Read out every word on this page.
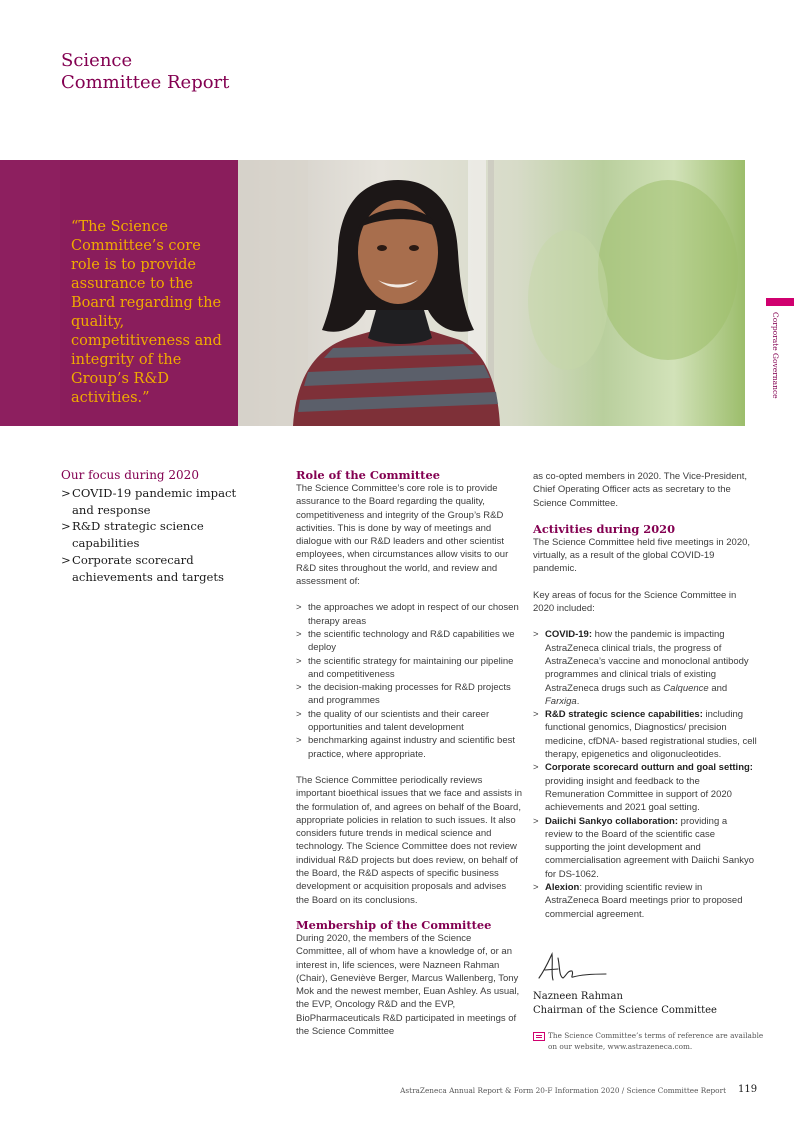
Science
Committee Report
“The Science Committee’s core role is to provide assurance to the Board regarding the quality, competitiveness and integrity of the Group’s R&D activities.”	Corporate Governance
Our focus during 2020
> COVID-19 pandemic impact and response
> R&D strategic science capabilities
> Corporate scorecard achievements and targets
Role of the Committee

The Science Committee’s core role is to provide assurance to the Board regarding the quality, competitiveness and integrity of the Group’s R&D activities. This is done by way of meetings and dialogue with our R&D leaders and other scientist employees, when circumstances allow visits to our R&D sites throughout the world, and review and assessment of:

> the approaches we adopt in respect of our chosen therapy areas
> the scientific technology and R&D capabilities we deploy
> the scientific strategy for maintaining our pipeline and competitiveness
> the decision-making processes for R&D projects and programmes
> the quality of our scientists and their career opportunities and talent development
> benchmarking against industry and scientific best practice, where appropriate.

The Science Committee periodically reviews important bioethical issues that we face and assists in the formulation of, and agrees on behalf of the Board, appropriate policies in relation to such issues. It also considers future trends in medical science and technology. The Science Committee does not review individual R&D projects but does review, on behalf of the Board, the R&D aspects of specific business development or acquisition proposals and advises the Board on its conclusions.

Membership of the Committee

During 2020, the members of the Science Committee, all of whom have a knowledge of, or an interest in, life sciences, were Nazneen Rahman (Chair), Geneviève Berger, Marcus Wallenberg, Tony Mok and the newest member, Euan Ashley. As usual, the EVP, Oncology R&D and the EVP, BioPharmaceuticals R&D participated in meetings of the Science Committee

as co-opted members in 2020. The Vice-President, Chief Operating Officer acts as secretary to the Science Committee.

Activities during 2020

The Science Committee held five meetings in 2020, virtually, as a result of the global COVID-19 pandemic.

Key areas of focus for the Science Committee in 2020 included:

> COVID-19: how the pandemic is impacting AstraZeneca clinical trials, the progress of AstraZeneca’s vaccine and monoclonal antibody programmes and clinical trials of existing AstraZeneca drugs such as Calquence and Farxiga.
> R&D strategic science capabilities: including functional genomics, Diagnostics/ precision medicine, cfDNA- based registrational studies, cell therapy, epigenetics and oligonucleotides.
> Corporate scorecard outturn and goal setting: providing insight and feedback to the Remuneration Committee in support of 2020 achievements and 2021 goal setting.
> Daiichi Sankyo collaboration: providing a review to the Board of the scientific case supporting the joint development and commercialisation agreement with Daiichi Sankyo for DS-1062.
> Alexion: providing scientific review in AstraZeneca Board meetings prior to proposed commercial agreement.
Nazneen Rahman
Chairman of the Science Committee
The Science Committee’s terms of reference are available on our website, www.astrazeneca.com.
AstraZeneca Annual Report & Form 20-F Information 2020 / Science Committee Report 119
